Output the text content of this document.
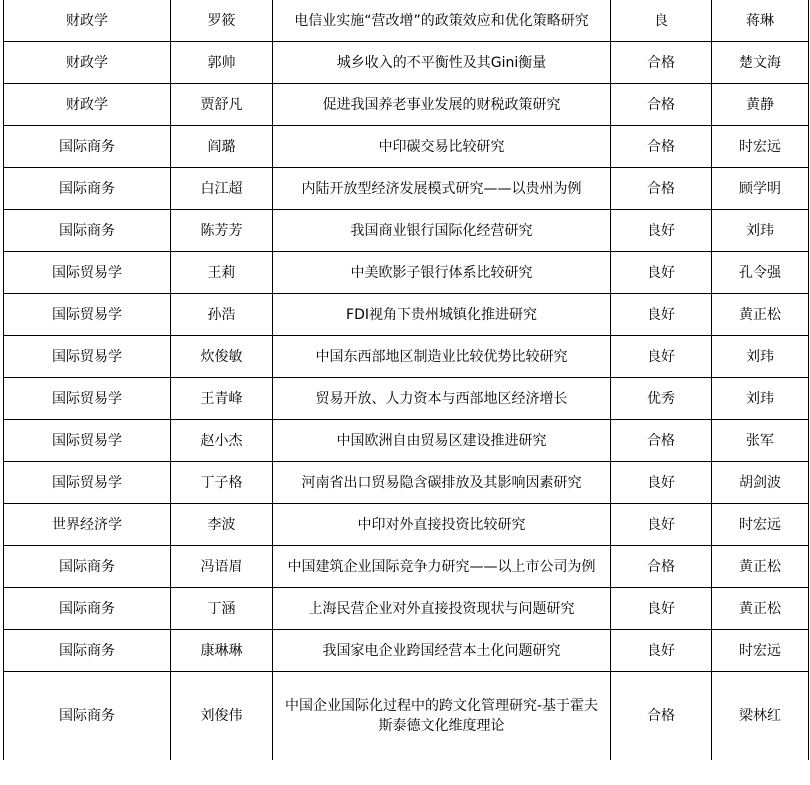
财政学	罗筱	电信业实施“营改增”的政策效应和优化策略研究	良	蒋琳
财政学	郭帅	城乡收入的不平衡性及其Gini衡量	合格	楚文海
财政学	贾舒凡	促进我国养老事业发展的财税政策研究	合格	黄静
国际商务	阎璐	中印碳交易比较研究	合格	时宏远
国际商务	白江超	内陆开放型经济发展模式研究——以贵州为例	合格	顾学明
国际商务	陈芳芳	我国商业银行国际化经营研究	良好	刘玮
国际贸易学	王莉	中美欧影子银行体系比较研究	良好	孔令强
国际贸易学	孙浩	FDI视角下贵州城镇化推进研究	良好	黄正松
国际贸易学	炊俊敏	中国东西部地区制造业比较优势比较研究	良好	刘玮
国际贸易学	王青峰	贸易开放、人力资本与西部地区经济增长	优秀	刘玮
国际贸易学	赵小杰	中国欧洲自由贸易区建设推进研究	合格	张军
国际贸易学	丁子格	河南省出口贸易隐含碳排放及其影响因素研究	良好	胡剑波
世界经济学	李波	中印对外直接投资比较研究	良好	时宏远
国际商务	冯语眉	中国建筑企业国际竞争力研究——以上市公司为例	合格	黄正松
国际商务	丁涵	上海民营企业对外直接投资现状与问题研究	良好	黄正松
国际商务	康琳琳	我国家电企业跨国经营本土化问题研究	良好	时宏远
国际商务	刘俊伟	中国企业国际化过程中的跨文化管理研究-基于霍夫斯泰德文化维度理论	合格	梁林红
